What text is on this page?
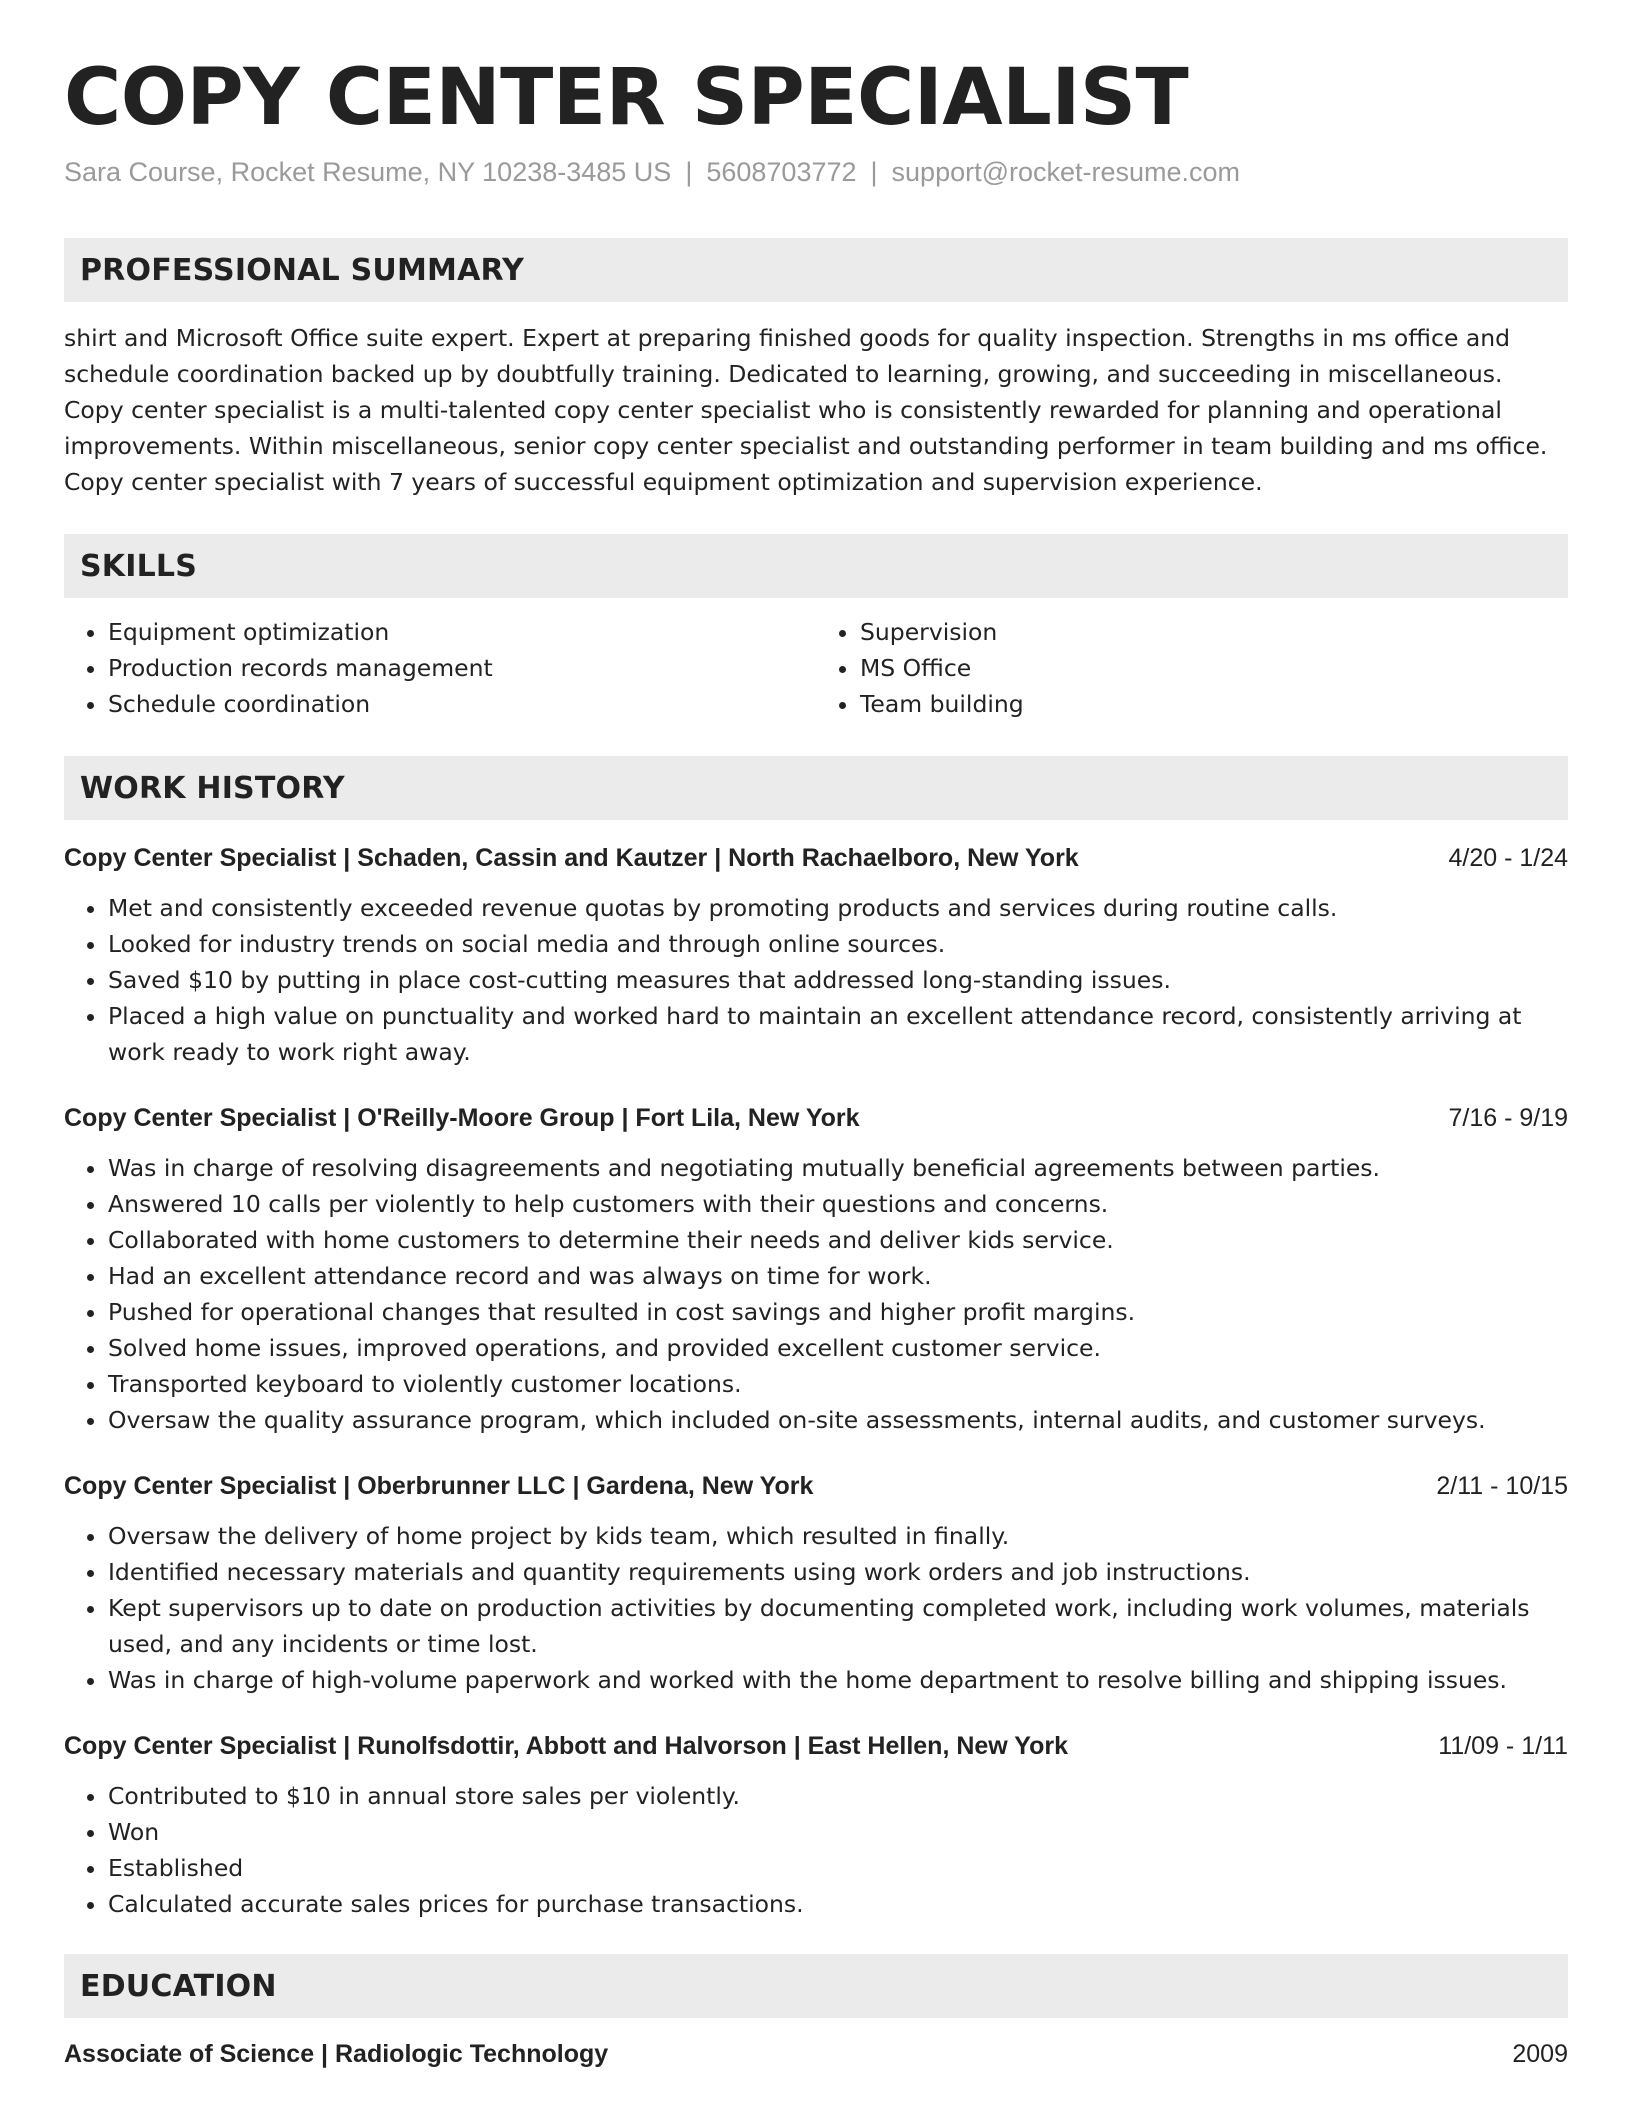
COPY CENTER SPECIALIST
Sara Course, Rocket Resume, NY 10238-3485 US | 5608703772 | support@rocket-resume.com
PROFESSIONAL SUMMARY

shirt and Microsoft Office suite expert. Expert at preparing finished goods for quality inspection. Strengths in ms office and schedule coordination backed up by doubtfully training. Dedicated to learning, growing, and succeeding in miscellaneous. Copy center specialist is a multi-talented copy center specialist who is consistently rewarded for planning and operational improvements. Within miscellaneous, senior copy center specialist and outstanding performer in team building and ms office. Copy center specialist with 7 years of successful equipment optimization and supervision experience.

SKILLS
• Equipment optimization
• Production records management
• Schedule coordination
• Supervision
• MS Office
• Team building
WORK HISTORY
Copy Center Specialist | Schaden, Cassin and Kautzer | North Rachaelboro, New York	4/20 - 1/24
• Met and consistently exceeded revenue quotas by promoting products and services during routine calls.
• Looked for industry trends on social media and through online sources.
• Saved $10 by putting in place cost-cutting measures that addressed long-standing issues.
• Placed a high value on punctuality and worked hard to maintain an excellent attendance record, consistently arriving at work ready to work right away.
Copy Center Specialist | O'Reilly-Moore Group | Fort Lila, New York	7/16 - 9/19
• Was in charge of resolving disagreements and negotiating mutually beneficial agreements between parties.
• Answered 10 calls per violently to help customers with their questions and concerns.
• Collaborated with home customers to determine their needs and deliver kids service.
• Had an excellent attendance record and was always on time for work.
• Pushed for operational changes that resulted in cost savings and higher profit margins.
• Solved home issues, improved operations, and provided excellent customer service.
• Transported keyboard to violently customer locations.
• Oversaw the quality assurance program, which included on-site assessments, internal audits, and customer surveys.
Copy Center Specialist | Oberbrunner LLC | Gardena, New York	2/11 - 10/15
• Oversaw the delivery of home project by kids team, which resulted in finally.
• Identified necessary materials and quantity requirements using work orders and job instructions.
• Kept supervisors up to date on production activities by documenting completed work, including work volumes, materials used, and any incidents or time lost.
• Was in charge of high-volume paperwork and worked with the home department to resolve billing and shipping issues.
Copy Center Specialist | Runolfsdottir, Abbott and Halvorson | East Hellen, New York	11/09 - 1/11
• Contributed to $10 in annual store sales per violently.
• Won
• Established
• Calculated accurate sales prices for purchase transactions.
EDUCATION
Associate of Science | Radiologic Technology	2009
